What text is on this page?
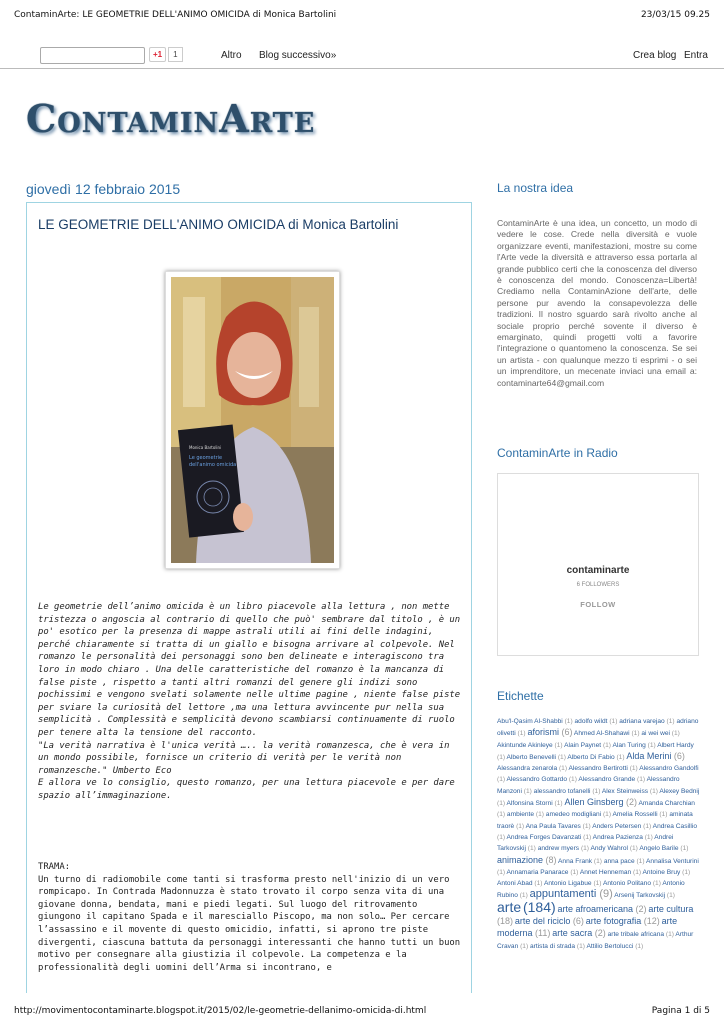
ContaminArte: LE GEOMETRIE DELL'ANIMO OMICIDA di Monica Bartolini	23/03/15 09.25
+1	1	Altro Blog successivo»	Crea blog Entra
ContaminArte
giovedì 12 febbraio 2015
LE GEOMETRIE DELL'ANIMO OMICIDA di Monica Bartolini
Monica Bartolini
Le geometrie
dell'animo omicida

Le geometrie dell’animo omicida è un libro piacevole alla lettura , non mette tristezza o angoscia al contrario di quello che può' sembrare dal titolo , è un po' esotico per la presenza di mappe astrali utili ai fini delle indagini, perché chiaramente si tratta di un giallo e bisogna arrivare al colpevole. Nel romanzo le personalità dei personaggi sono ben delineate e interagiscono tra loro in modo chiaro . Una delle caratteristiche del romanzo è la mancanza di false piste , rispetto a tanti altri romanzi del genere gli indizi sono pochissimi e vengono svelati solamente nelle ultime pagine , niente false piste per sviare la curiosità del lettore ,ma una lettura avvincente pur nella sua semplicità . Complessità e semplicità devono scambiarsi continuamente di ruolo per tenere alta la tensione del racconto.

"La verità narrativa è l'unica verità ….. la verità romanzesca, che è vera in un mondo possibile, fornisce un criterio di verità per le verità non romanzesche." Umberto Eco

E allora ve lo consiglio, questo romanzo, per una lettura piacevole e per dare spazio all’immaginazione.

TRAMA:

Un turno di radiomobile come tanti si trasforma presto nell'inizio di un vero rompicapo. In Contrada Madonnuzza è stato trovato il corpo senza vita di una giovane donna, bendata, mani e piedi legati. Sul luogo del ritrovamento giungono il capitano Spada e il maresciallo Piscopo, ma non solo… Per cercare l’assassino e il movente di questo omicidio, infatti, si aprono tre piste divergenti, ciascuna battuta da personaggi interessanti che hanno tutti un buon motivo per consegnare alla giustizia il colpevole. La competenza e la professionalità degli uomini dell’Arma si incontrano, e

La nostra idea
ContaminArte è una idea, un concetto, un modo di vedere le cose. Crede nella diversità e vuole organizzare eventi, manifestazioni, mostre su come l'Arte vede la diversità e attraverso essa portarla al grande pubblico certi che la conoscenza del diverso è conoscenza del mondo. Conoscenza=Libertà! Crediamo nella ContaminAzione dell'arte, delle persone pur avendo la consapevolezza delle tradizioni. Il nostro sguardo sarà rivolto anche al sociale proprio perché sovente il diverso è emarginato, quindi progetti volti a favorire l'integrazione o quantomeno la conoscenza. Se sei un artista - con qualunque mezzo ti esprimi - o sei un imprenditore, un mecenate inviaci una email a: contaminarte64@gmail.com
ContaminArte in Radio
contaminarte
6 FOLLOWERS
FOLLOW
Etichette
Abu'l-Qasim Al-Shabbi (1) adolfo wildt (1) adriana varejao (1) adriano olivetti (1) aforismi (6) Ahmed Al-Shahawi (1) ai wei wei (1) Akintunde Akinleye (1) Alain Paynet (1) Alan Turing (1) Albert Hardy (1) Alberto Benevelli (1) Alberto Di Fabio (1) Alda Merini (6) Alessandra zenarola (1) Alessandro Bertirotti (1) Alessandro Gandolfi (1) Alessandro Gottardo (1) Alessandro Grande (1) Alessandro Manzoni (1) alessandro tofanelli (1) Alex Steinweiss (1) Alexey Bednij (1) Alfonsina Storni (1) Allen Ginsberg (2) Amanda Charchian (1) ambiente (1) amedeo modigliani (1) Amelia Rosselli (1) aminata traorè (1) Ana Paula Tavares (1) Anders Petersen (1) Andrea Casillio (1) Andrea Forges Davanzati (1) Andrea Pazienza (1) Andrei Tarkovskij (1) andrew myers (1) Andy Wahrol (1) Angelo Barile (1) animazione (8) Anna Frank (1) anna pace (1) Annalisa Venturini (1) Annamaria Panarace (1) Annet Henneman (1) Antoine Bruy (1) Antoni Abad (1) Antonio Ligabue (1) Antonio Politano (1) Antonio Rubino (1) appuntamenti (9) Arsenij Tarkovskij (1) arte (184) arte afroamericana (2) arte cultura (18) arte del riciclo (6) arte fotografia (12) arte moderna (11) arte sacra (2) arte tribale africana (1) Arthur Cravan (1) artista di strada (1) Attilio Bertolucci (1)
http://movimentocontaminarte.blogspot.it/2015/02/le-geometrie-dellanimo-omicida-di.html	Pagina 1 di 5
